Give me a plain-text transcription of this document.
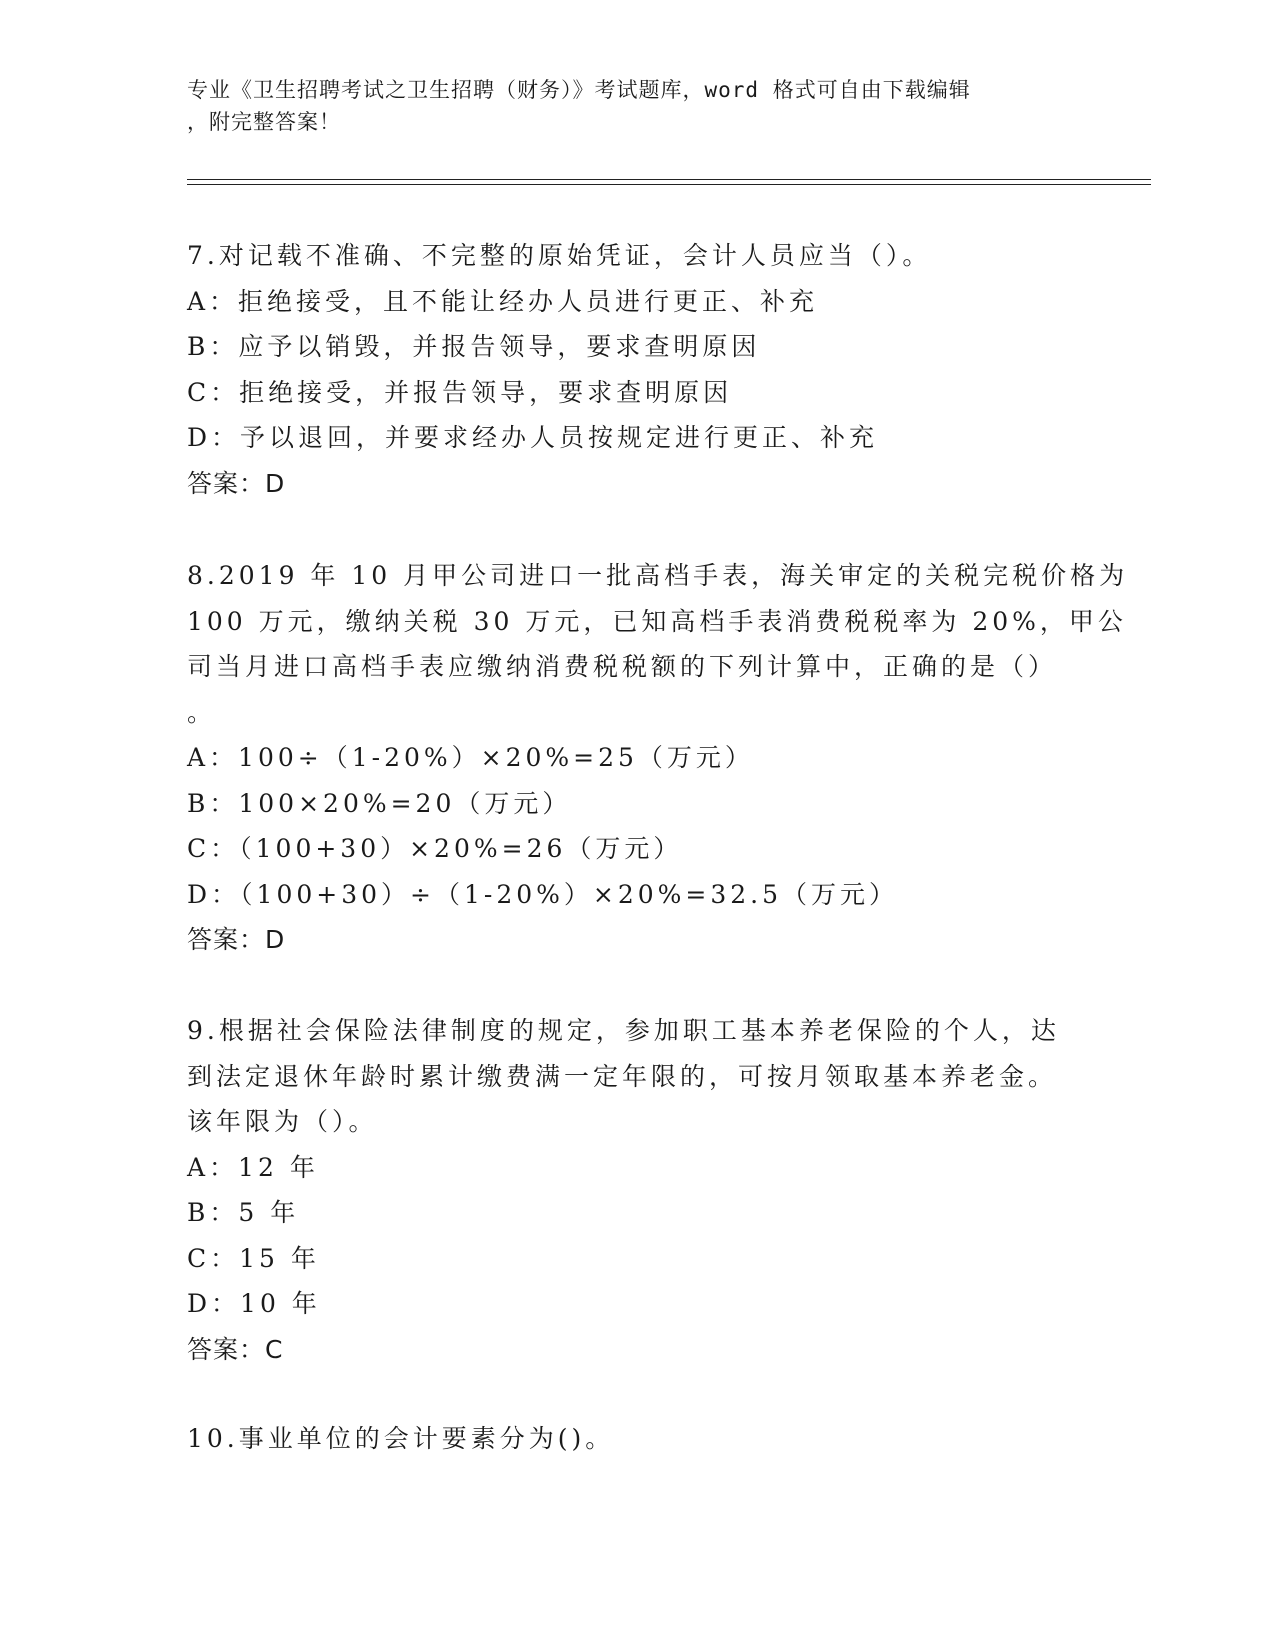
专业《卫生招聘考试之卫生招聘（财务）》考试题库，word 格式可自由下载编辑
，附完整答案！
7.对记载不准确、不完整的原始凭证，会计人员应当（）。
A：拒绝接受，且不能让经办人员进行更正、补充
B：应予以销毁，并报告领导，要求查明原因
C：拒绝接受，并报告领导，要求查明原因
D：予以退回，并要求经办人员按规定进行更正、补充
答案：D
8.2019 年 10 月甲公司进口一批高档手表，海关审定的关税完税价格为
100 万元，缴纳关税 30 万元，已知高档手表消费税税率为 20%，甲公
司当月进口高档手表应缴纳消费税税额的下列计算中，正确的是（）
。
A：100÷（1-20%）×20%=25（万元）
B：100×20%=20（万元）
C：（100+30）×20%=26（万元）
D：（100+30）÷（1-20%）×20%=32.5（万元）
答案：D
9.根据社会保险法律制度的规定，参加职工基本养老保险的个人，达
到法定退休年龄时累计缴费满一定年限的，可按月领取基本养老金。
该年限为（）。
A：12 年
B：5 年
C：15 年
D：10 年
答案：C
10.事业单位的会计要素分为()。
